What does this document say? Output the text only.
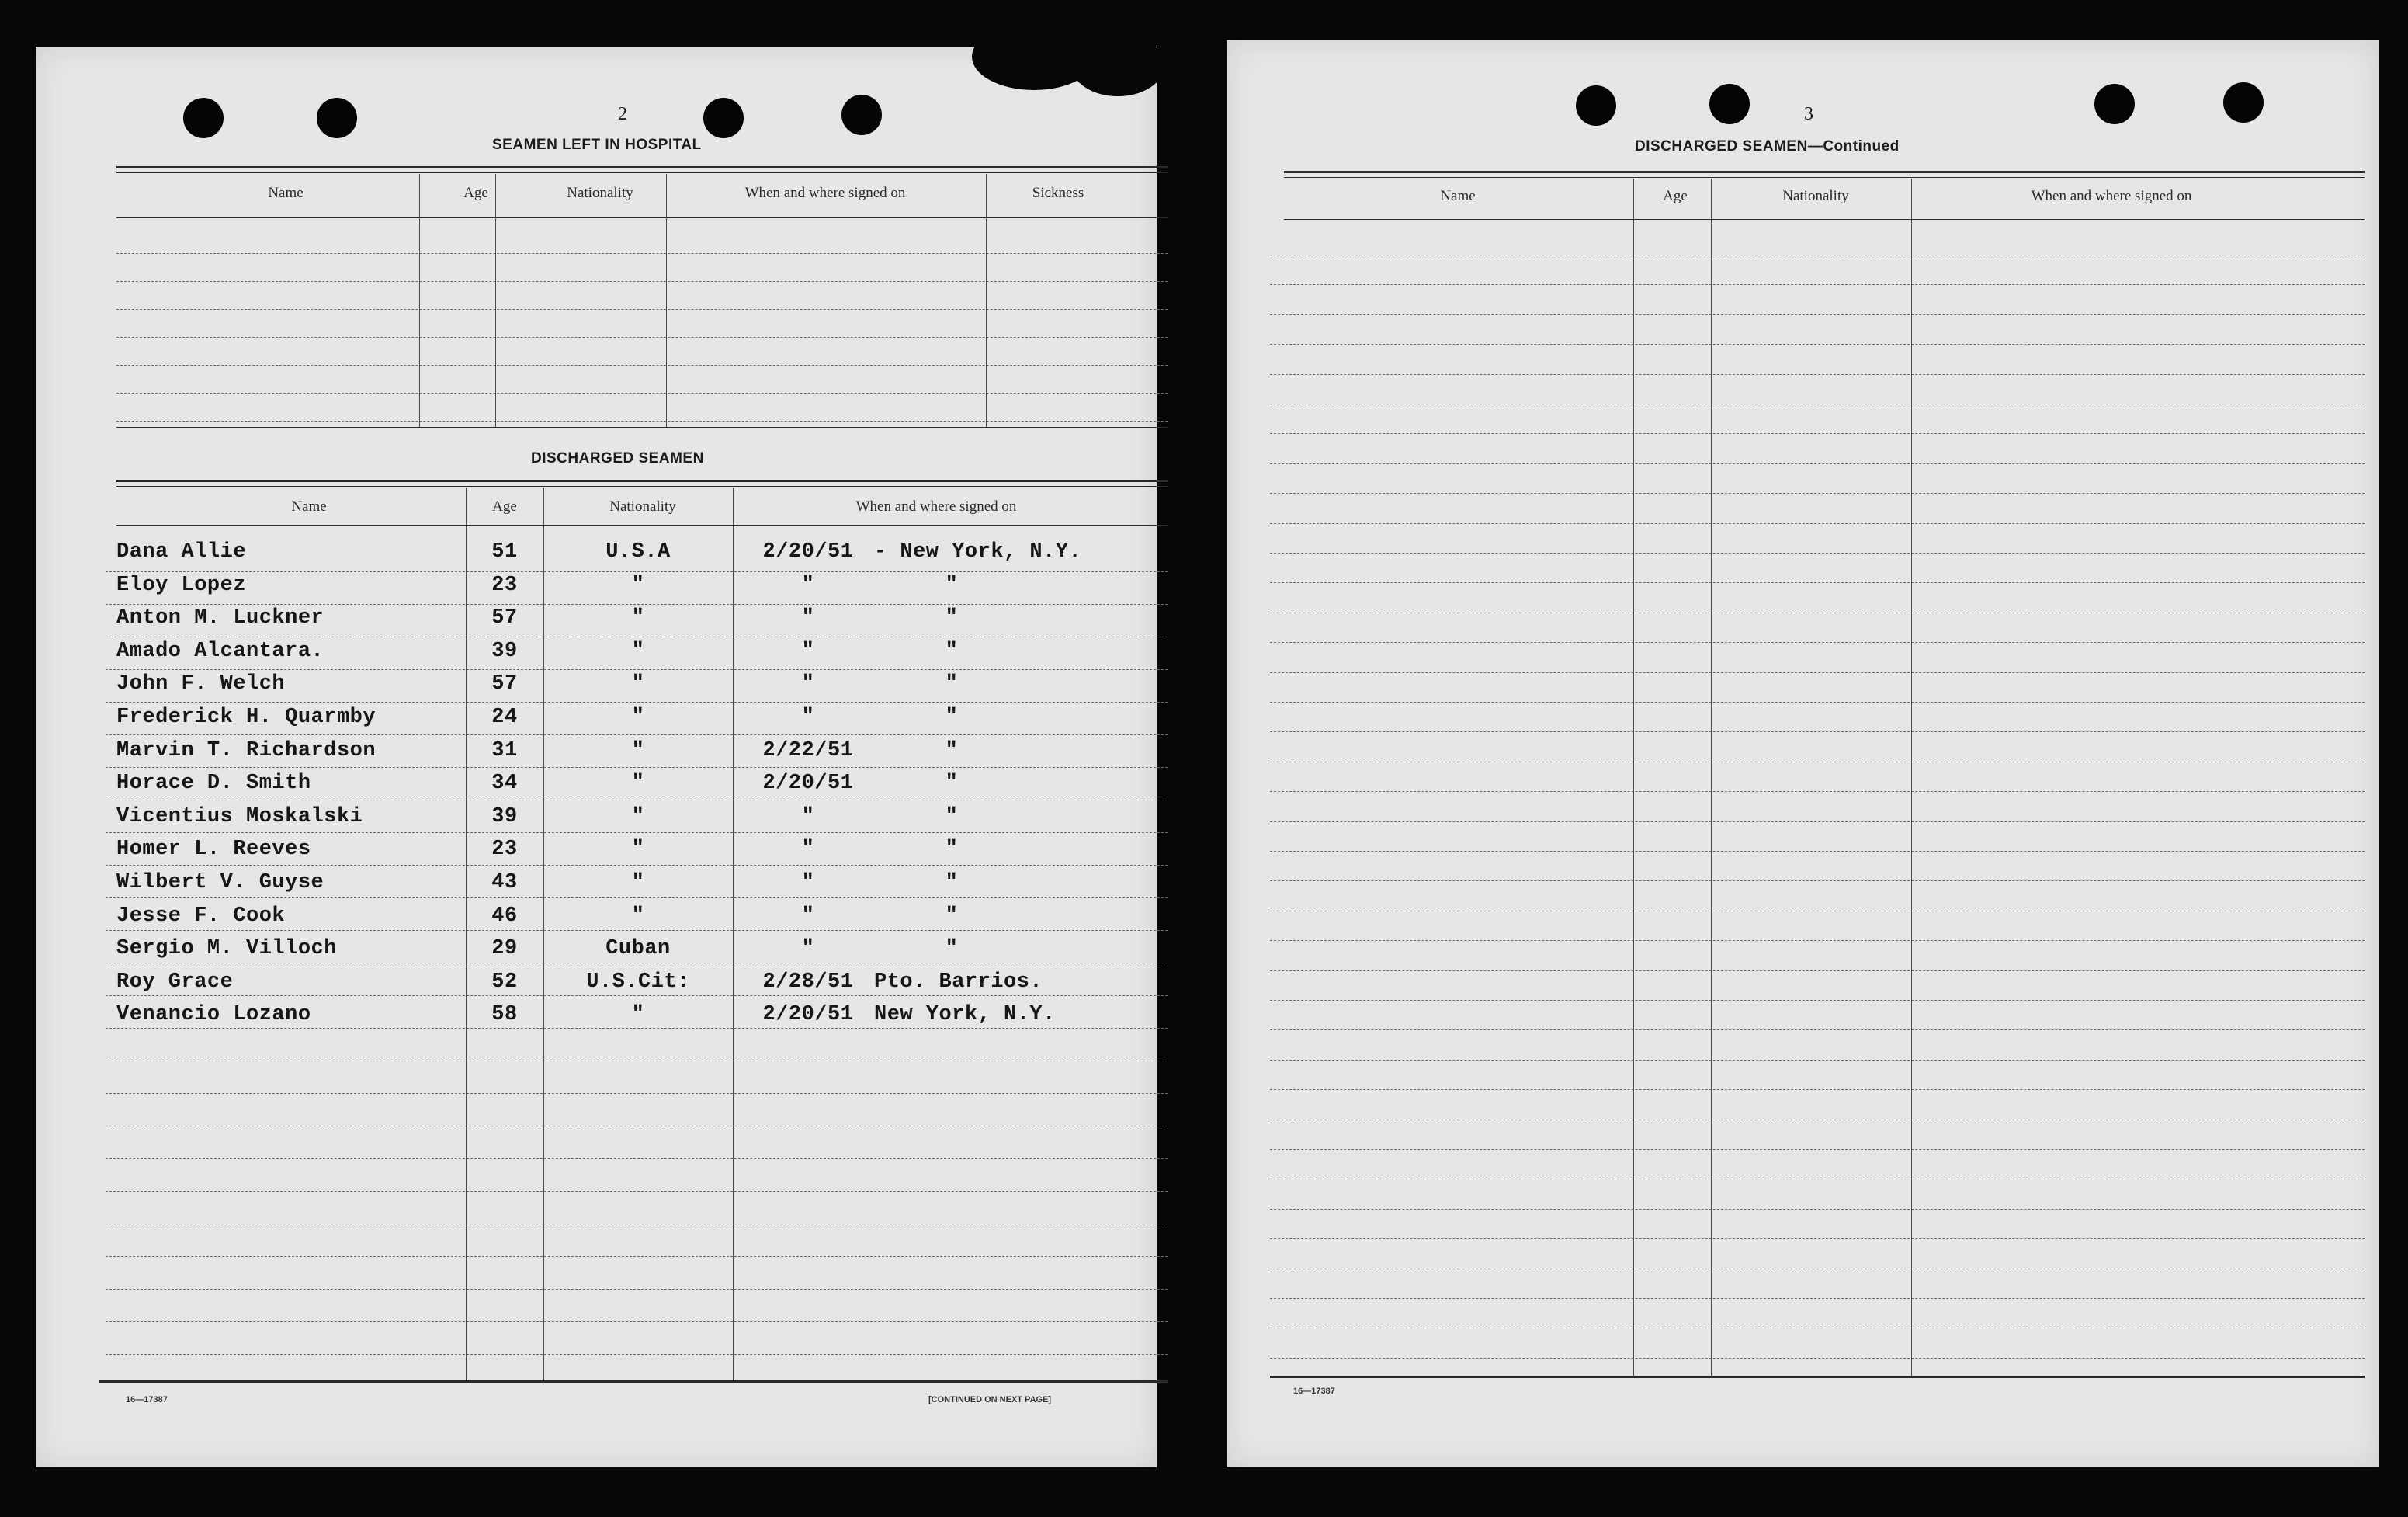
2
SEAMEN LEFT IN HOSPITAL
Name	Age	Nationality	When and where signed on	Sickness
DISCHARGED SEAMEN
Name	Age	Nationality	When and where signed on
Dana Allie	51	U.S.A	2/20/51 - New York, N.Y.
Eloy Lopez	23	"	"	"
Anton M. Luckner	57	"	"	"
Amado Alcantara.	39	"	"	"
John F. Welch	57	"	"	"
Frederick H. Quarmby	24	"	"	"
Marvin T. Richardson	31	"	2/22/51	"
Horace D. Smith	34	"	2/20/51	"
Vicentius Moskalski	39	"	"	"
Homer L. Reeves	23	"	"	"
Wilbert V. Guyse	43	"	"	"
Jesse F. Cook	46	"	"	"
Sergio M. Villoch	29	Cuban	"	"
Roy Grace	52	U.S.Cit:	2/28/51 Pto. Barrios.
Venancio Lozano	58	"	2/20/51 New York, N.Y.
16—17387	[CONTINUED ON NEXT PAGE]
3
DISCHARGED SEAMEN—Continued
Name	Age	Nationality	When and where signed on
16—17387
